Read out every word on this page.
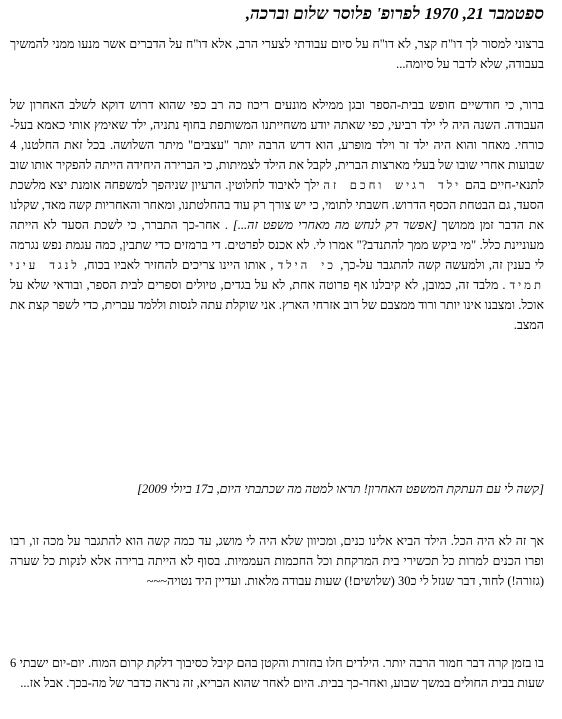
ספטמבר 21, 1970 לפרופ' פלוסר שלום וברכה,
ברצוני למסור לך דו"ח קצר, לא דו"ח על סיום עבודתי לצערי הרב, אלא דו"ח על הדברים אשר מנעו ממני להמשיך בעבודה, שלא לדבר על סיומה...
ברור, כי חודשיים חופש בבית-הספר ובגן ממילא מונעים ריכוז כה רב כפי שהוא דרוש דוקא לשלב האחרון של העבודה. השנה היה לי ילד רביעי, כפי שאתה יודע משחייתנו המשותפת בחוף נתניה, ילד שאימץ אותי כאמא בעל- כורחי. מאחר והוא היה ילד זר וילד מופרע, הוא דרש הרבה יותר "עצבים" מיתר השלושה. בכל זאת החלטנו, 4 שבועות אחרי שובו של בעלי מארצות הברית, לקבל את הילד לצמיתות, כי הברירה היחידה הייתה להפקיר אותו שוב לתנאי-חיים בהם ילד רגיש וחכם זה ילך לאיבוד לחלוטין. הרעיון שניהפך למשפחה אומנת יצא מלשכת הסעד, גם הבטחת הכסף הדרוש. חשבתי לתומי, כי יש צורך רק עוד בהחלטתנו, ומאחר והאחריות קשה מאד, שקלנו את הדבר זמן ממושך [אפשר רק לנחש מה מאחרי משפט זה...] . אחר-כך התברר, כי לשכת הסעד לא הייתה מעוניינת כלל. "מי ביקש ממך להתנדב?" אמרו לי. לא אכנס לפרטים. די ברמזים כדי שתבין, כמה עגמת נפש נגרמה לי בענין זה, ולמעשה קשה להתגבר על-כך, כי הילד , אותו היינו צריכים להחזיר לאביו בכוח, לנגד עיני תמיד . מלבד זה, כמובן, לא קיבלנו אף פרוטה אחת, לא על בגדים, טיולים וספרים לבית הספר, ובודאי שלא על אוכל. ומצבנו אינו יותר ורוד ממצבם של רוב אזרחי הארץ. אני שוקלת עתה לנסות וללמד עברית, כדי לשפר קצת את המצב.
[קשה לי עם העתקת המשפט האחרון! תראו למטה מה שכתבתי היום, ב17 ביולי 2009]
אך זה לא היה הכל. הילד הביא אלינו כנים, ומכיוון שלא היה לי מושג, עד כמה קשה הוא להתגבר על מכה זו, רבו ופרו הכנים למרות כל תכשירי בית המרקחת וכל החכמות העממיות. בסוף לא הייתה ברירה אלא לנקות כל שערה (גזורה!) לחוד, דבר שגזל לי כ30 (שלושים!) שעות עבודה מלאות. ועדיין היד נטויה~~~
בו בזמן קרה דבר חמור הרבה יותר. הילדים חלו בחזרת והקטן בהם קיבל כסיבוך דלקת קרום המוח. יום-יום ישבתי 6 שעות בבית החולים במשך שבוע, ואחר-כך בבית. היום לאחר שהוא הבריא, זה נראה כדבר של מה-בכך. אבל אז...
